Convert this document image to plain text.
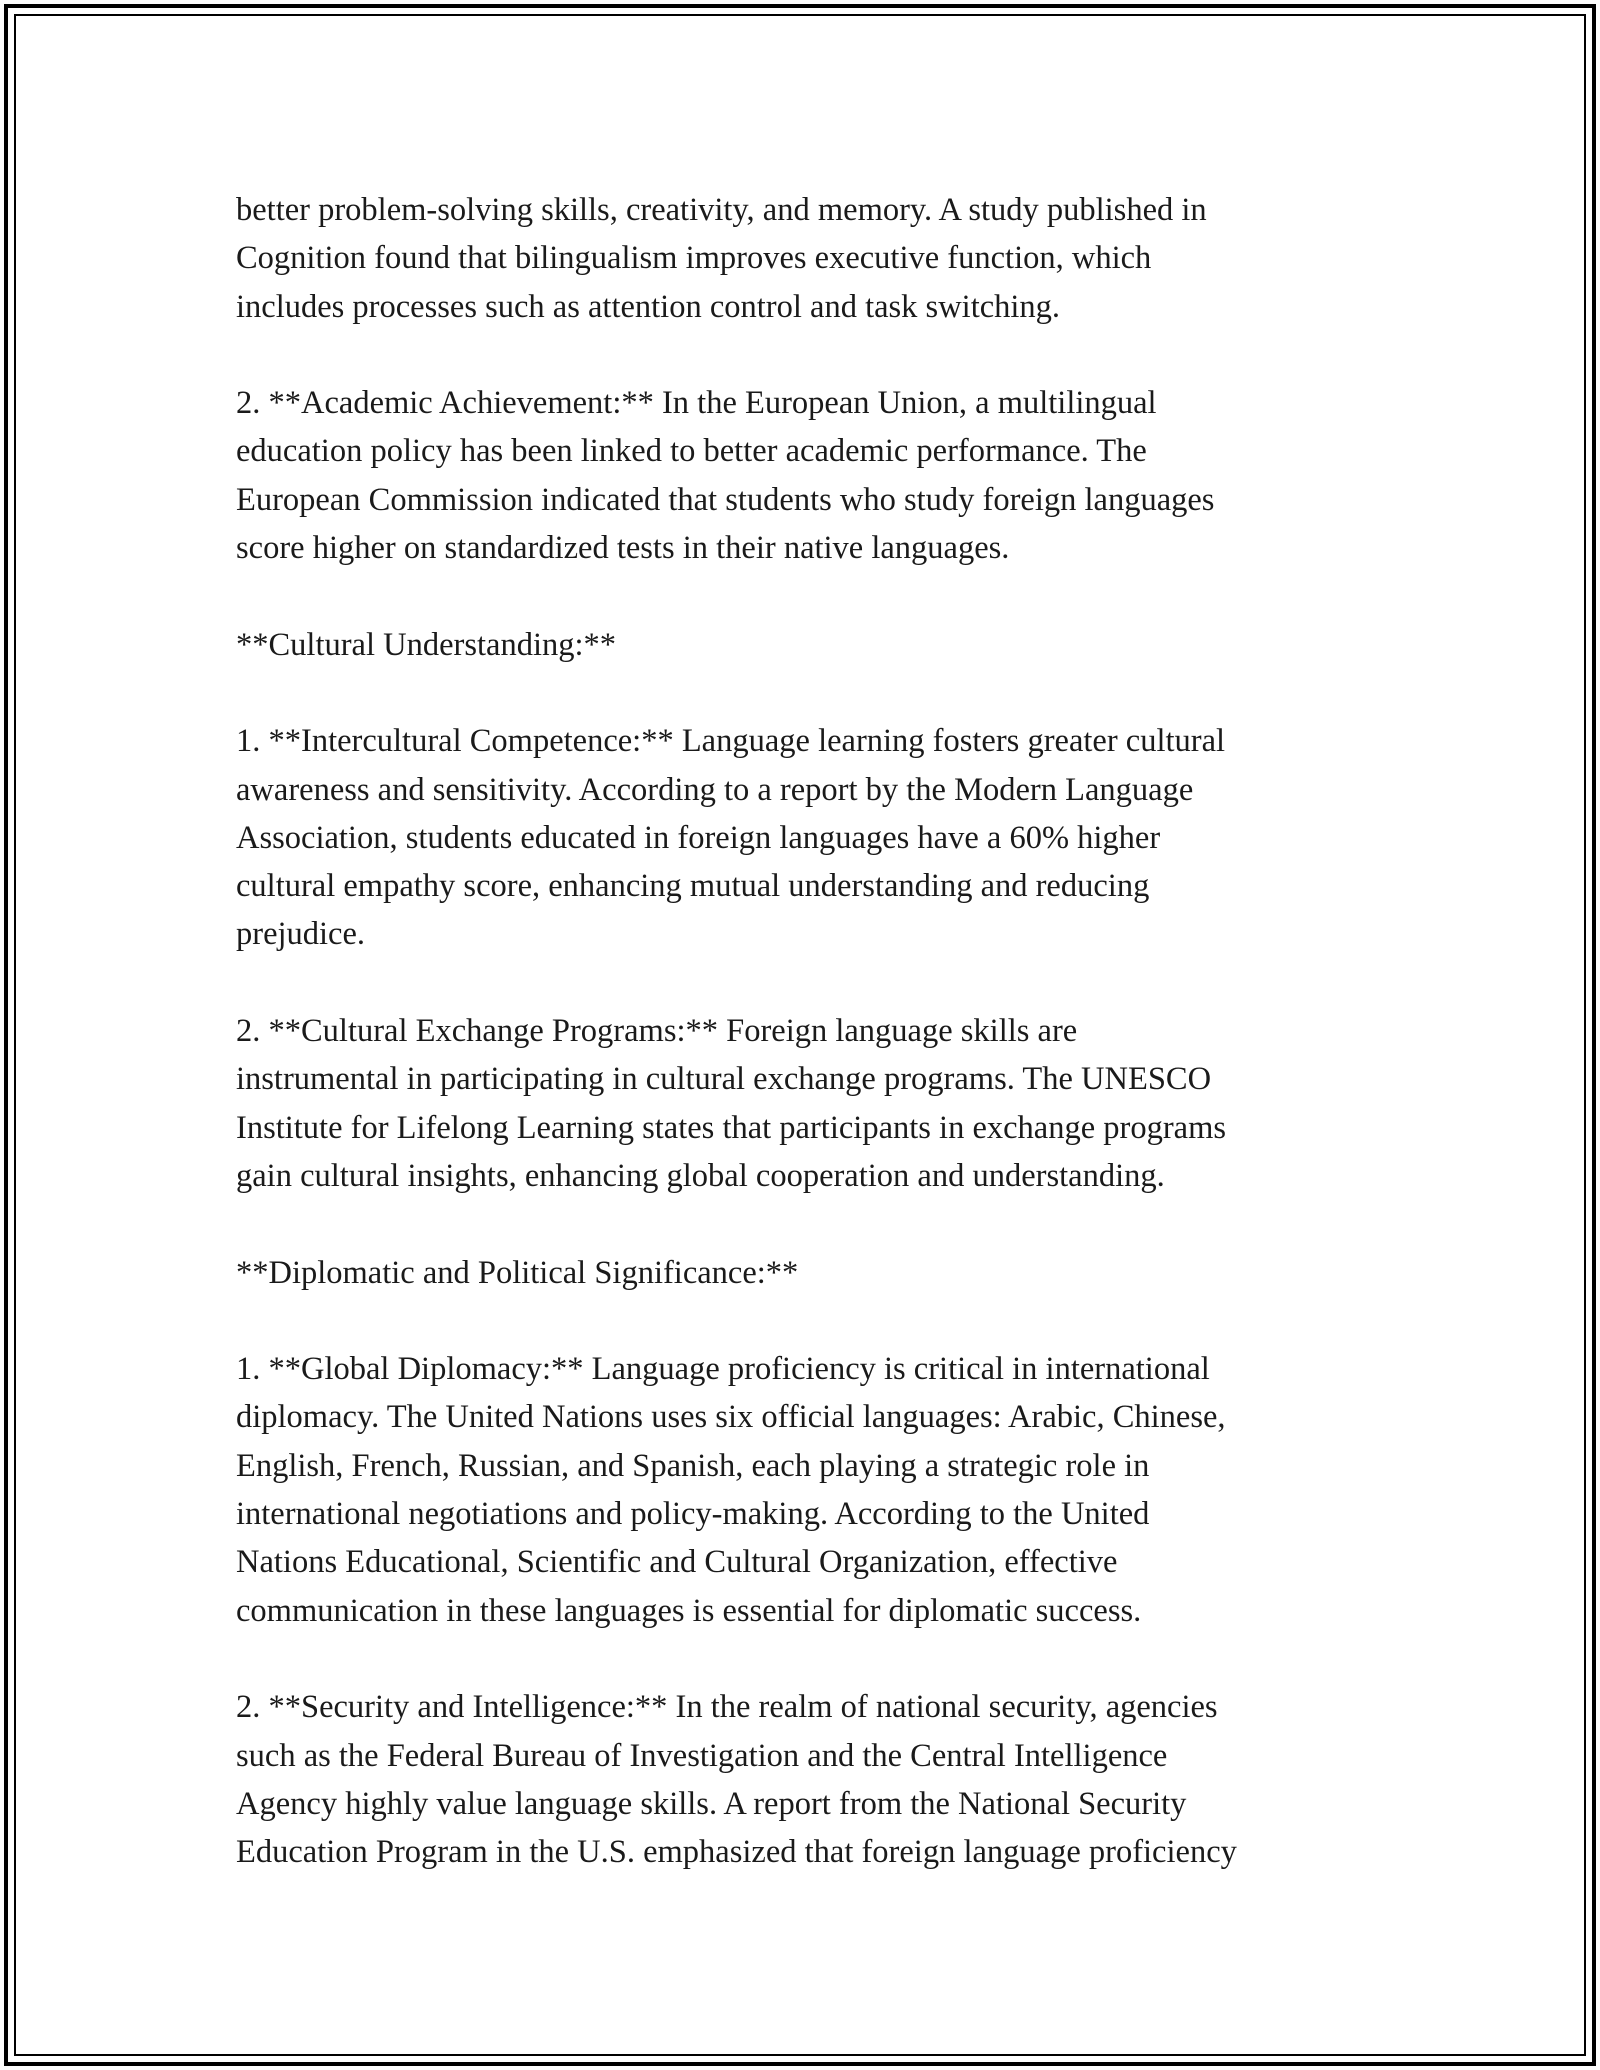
better problem-solving skills, creativity, and memory. A study published in
Cognition found that bilingualism improves executive function, which
includes processes such as attention control and task switching.

2. **Academic Achievement:** In the European Union, a multilingual
education policy has been linked to better academic performance. The
European Commission indicated that students who study foreign languages
score higher on standardized tests in their native languages.

**Cultural Understanding:**

1. **Intercultural Competence:** Language learning fosters greater cultural
awareness and sensitivity. According to a report by the Modern Language
Association, students educated in foreign languages have a 60% higher
cultural empathy score, enhancing mutual understanding and reducing
prejudice.

2. **Cultural Exchange Programs:** Foreign language skills are
instrumental in participating in cultural exchange programs. The UNESCO
Institute for Lifelong Learning states that participants in exchange programs
gain cultural insights, enhancing global cooperation and understanding.

**Diplomatic and Political Significance:**

1. **Global Diplomacy:** Language proficiency is critical in international
diplomacy. The United Nations uses six official languages: Arabic, Chinese,
English, French, Russian, and Spanish, each playing a strategic role in
international negotiations and policy-making. According to the United
Nations Educational, Scientific and Cultural Organization, effective
communication in these languages is essential for diplomatic success.

2. **Security and Intelligence:** In the realm of national security, agencies
such as the Federal Bureau of Investigation and the Central Intelligence
Agency highly value language skills. A report from the National Security
Education Program in the U.S. emphasized that foreign language proficiency
